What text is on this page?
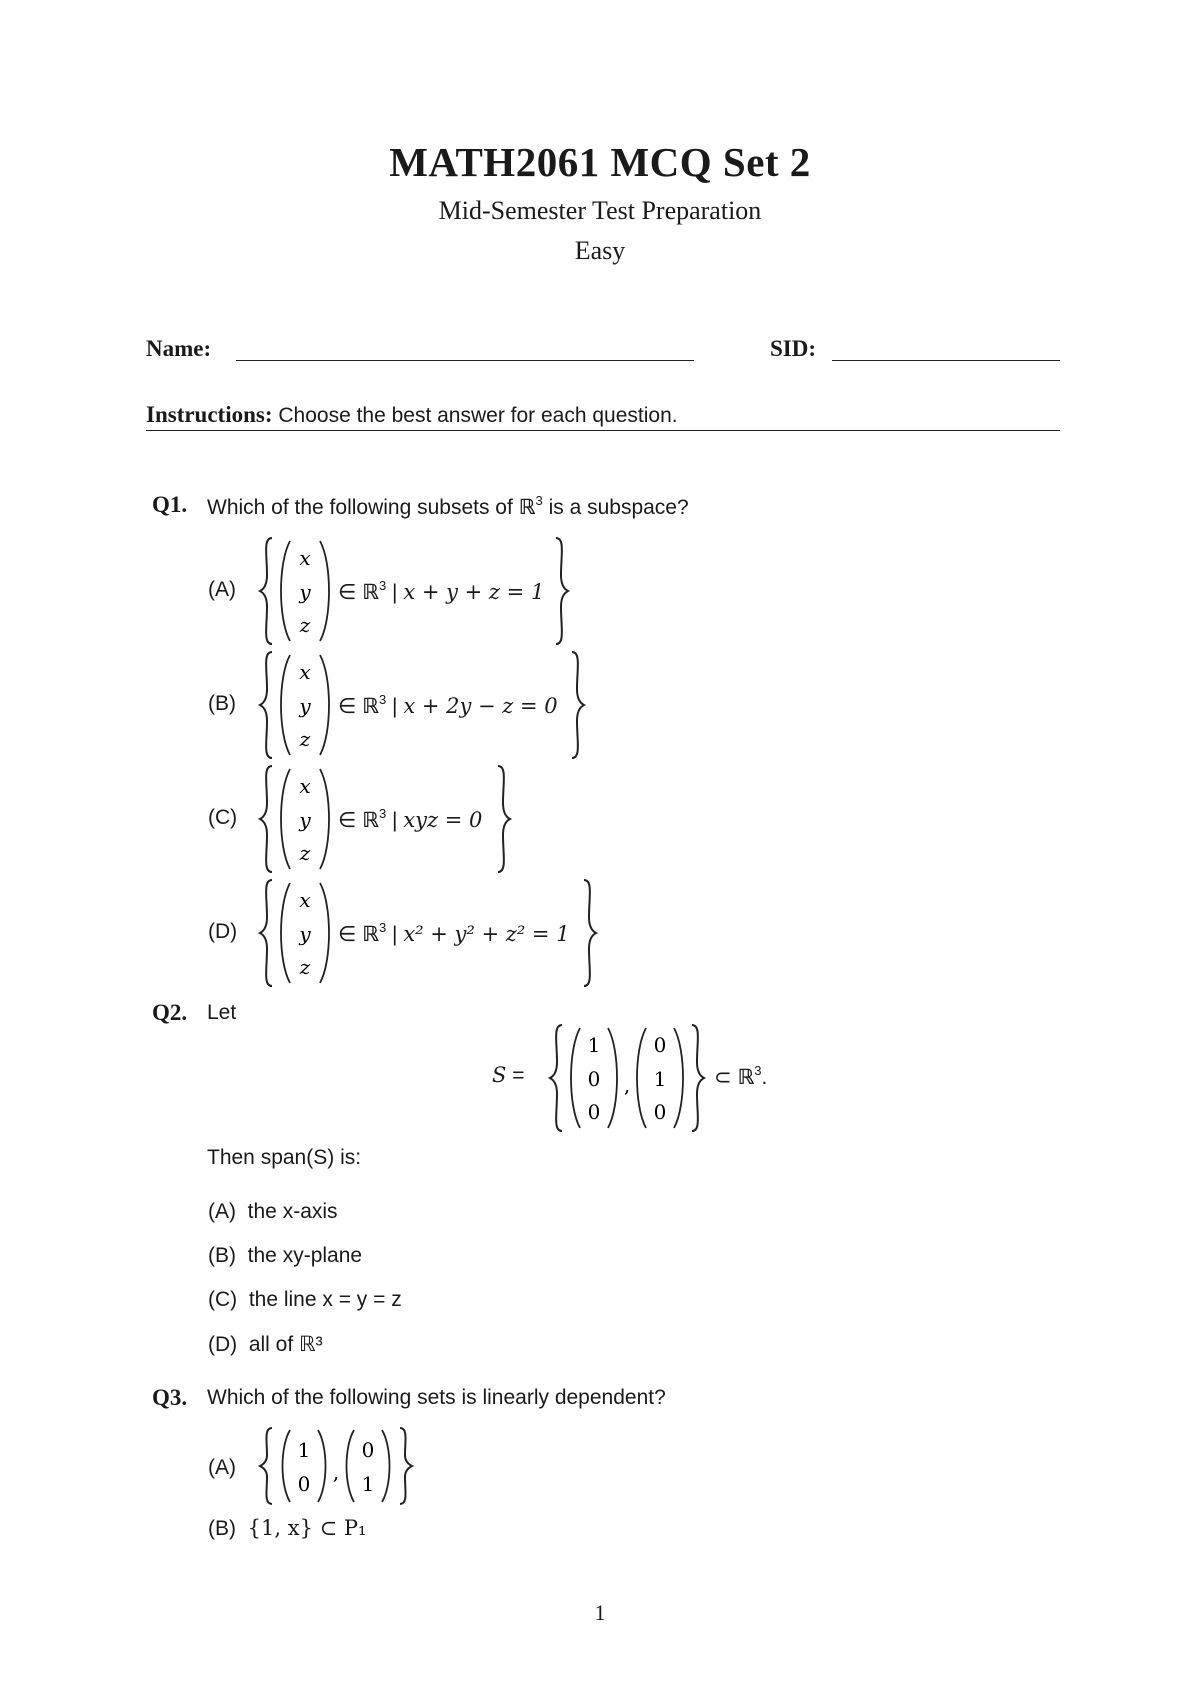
MATH2061 MCQ Set 2
Mid-Semester Test Preparation
Easy
Name:	SID:
Instructions: Choose the best answer for each question.
Q1. Which of the following subsets of ℝ$^3$ is a subspace?
(A)
x
y
z
∈ ℝ$^3$ | x + y + z = 1
(B)
x
y
z
∈ ℝ$^3$ | x + 2y − z = 0
(C)
x
y
z
∈ ℝ$^3$ | xyz = 0
(D)
x
y
z
∈ ℝ$^3$ | x² + y² + z² = 1
Q2. Let
S =
1
0
0
,
0
1
0
⊂ ℝ$^3$.
Then span(S) is:
(A) the x-axis
(B) the xy-plane
(C) the line x = y = z
(D) all of ℝ³
Q3. Which of the following sets is linearly dependent?
(A)
1
0 ,
0
1
(B) {1, x} ⊂ P₁
1
